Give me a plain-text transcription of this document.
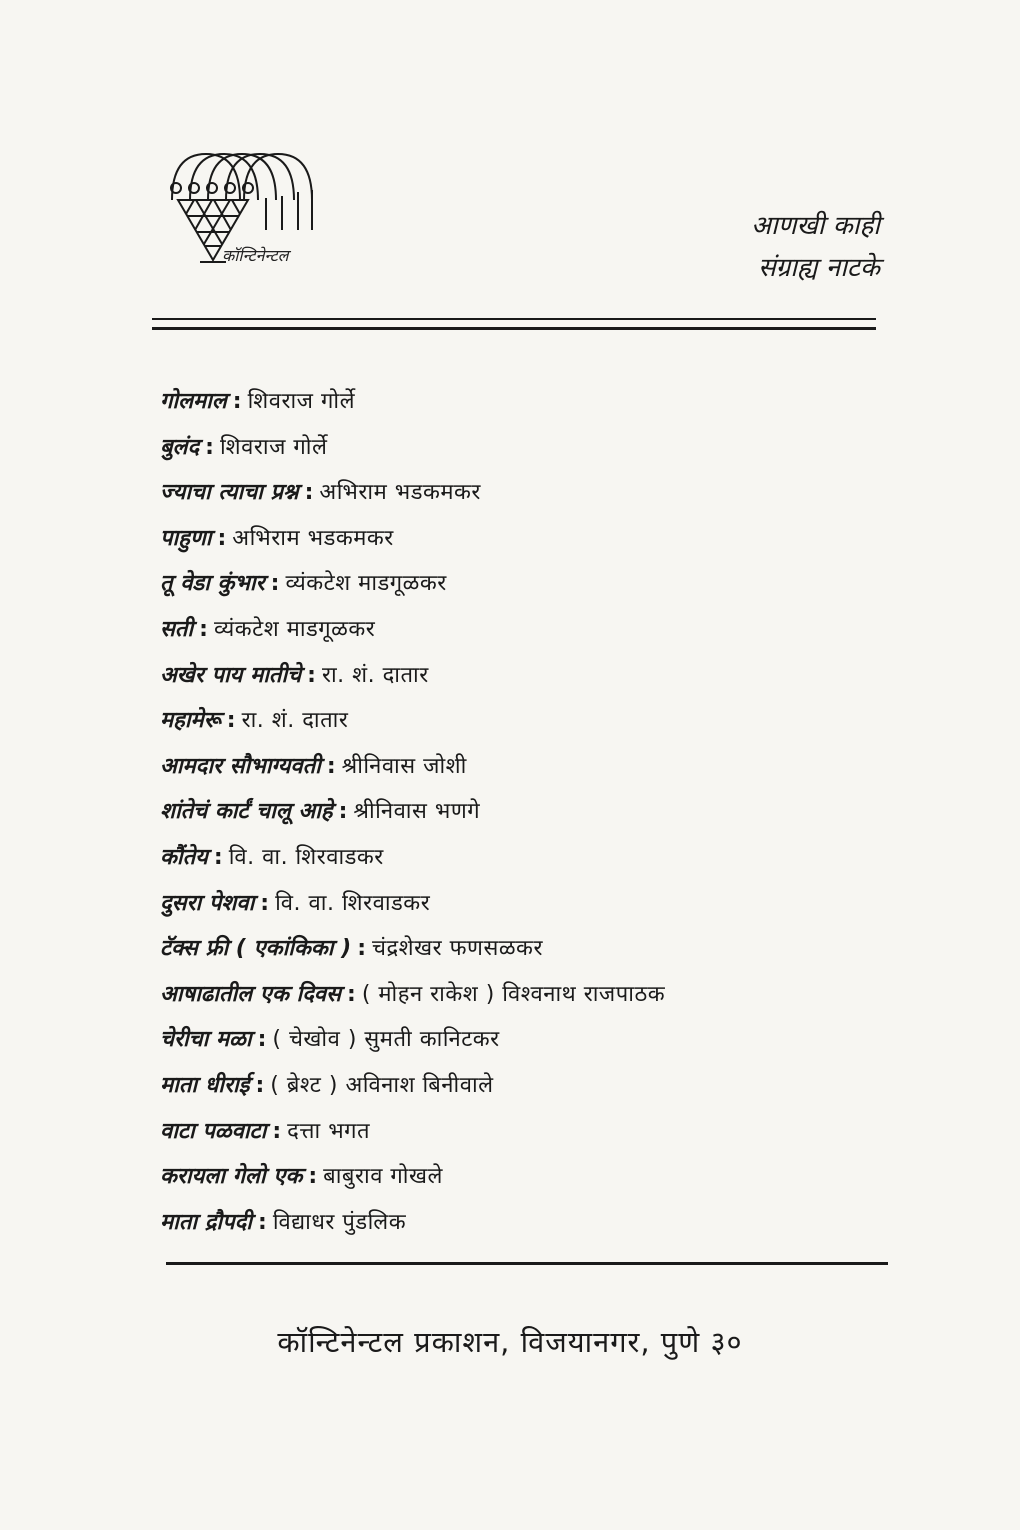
कॉन्टिनेन्टल
आणखी काही
संग्राह्य नाटके
गोलमाल : शिवराज गोर्ले
बुलंद : शिवराज गोर्ले
ज्याचा त्याचा प्रश्न : अभिराम भडकमकर
पाहुणा : अभिराम भडकमकर
तू वेडा कुंभार : व्यंकटेश माडगूळकर
सती : व्यंकटेश माडगूळकर
अखेर पाय मातीचे : रा. शं. दातार
महामेरू : रा. शं. दातार
आमदार सौभाग्यवती : श्रीनिवास जोशी
शांतेचं कार्टं चालू आहे : श्रीनिवास भणगे
कौंतेय : वि. वा. शिरवाडकर
दुसरा पेशवा : वि. वा. शिरवाडकर
टॅक्स फ्री ( एकांकिका ) : चंद्रशेखर फणसळकर
आषाढातील एक दिवस : ( मोहन राकेश ) विश्वनाथ राजपाठक
चेरीचा मळा : ( चेखोव ) सुमती कानिटकर
माता धीराई : ( ब्रेश्ट ) अविनाश बिनीवाले
वाटा पळवाटा : दत्ता भगत
करायला गेलो एक : बाबुराव गोखले
माता द्रौपदी : विद्याधर पुंडलिक
कॉन्टिनेन्टल प्रकाशन, विजयानगर, पुणे ३०
